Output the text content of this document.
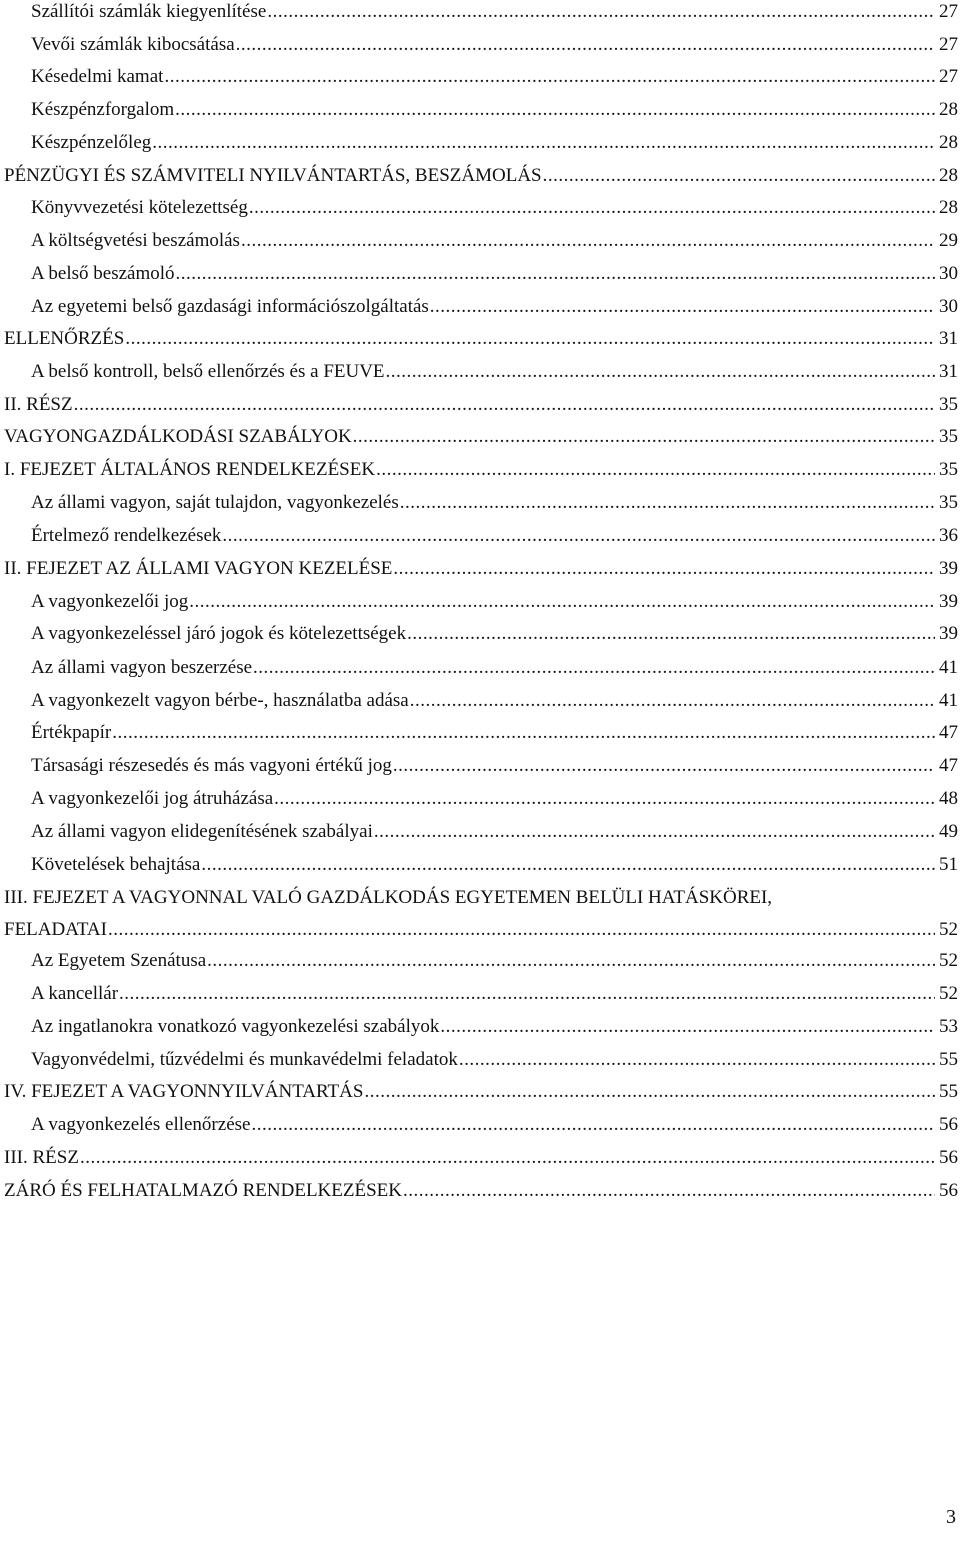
Szállítói számlák kiegyenlítése .....	27
Vevői számlák kibocsátása .....	27
Késedelmi kamat .....	27
Készpénzforgalom .....	28
Készpénzelőleg .....	28
PÉNZÜGYI ÉS SZÁMVITELI NYILVÁNTARTÁS, BESZÁMOLÁS .....	28
Könyvvezetési kötelezettség .....	28
A költségvetési beszámolás .....	29
A belső beszámoló .....	30
Az egyetemi belső gazdasági információszolgáltatás .....	30
ELLENŐRZÉS .....	31
A belső kontroll, belső ellenőrzés és a FEUVE .....	31
II. RÉSZ .....	35
VAGYONGAZDÁLKODÁSI SZABÁLYOK .....	35
I. FEJEZET ÁLTALÁNOS RENDELKEZÉSEK .....	35
Az állami vagyon, saját tulajdon, vagyonkezelés .....	35
Értelmező rendelkezések .....	36
II. FEJEZET AZ ÁLLAMI VAGYON KEZELÉSE .....	39
A vagyonkezelői jog .....	39
A vagyonkezeléssel járó jogok és kötelezettségek .....	39
Az állami vagyon beszerzése .....	41
A vagyonkezelt vagyon bérbe-, használatba adása .....	41
Értékpapír .....	47
Társasági részesedés és más vagyoni értékű jog .....	47
A vagyonkezelői jog átruházása .....	48
Az állami vagyon elidegenítésének szabályai .....	49
Követelések behajtása .....	51
III. FEJEZET A VAGYONNAL VALÓ GAZDÁLKODÁS EGYETEMEN BELÜLI HATÁSKÖREI,
FELADATAI .....	52
Az Egyetem Szenátusa .....	52
A kancellár .....	52
Az ingatlanokra vonatkozó vagyonkezelési szabályok .....	53
Vagyonvédelmi, tűzvédelmi és munkavédelmi feladatok .....	55
IV. FEJEZET A VAGYONNYILVÁNTARTÁS .....	55
A vagyonkezelés ellenőrzése .....	56
III. RÉSZ .....	56
ZÁRÓ ÉS FELHATALMAZÓ RENDELKEZÉSEK .....	56
3
